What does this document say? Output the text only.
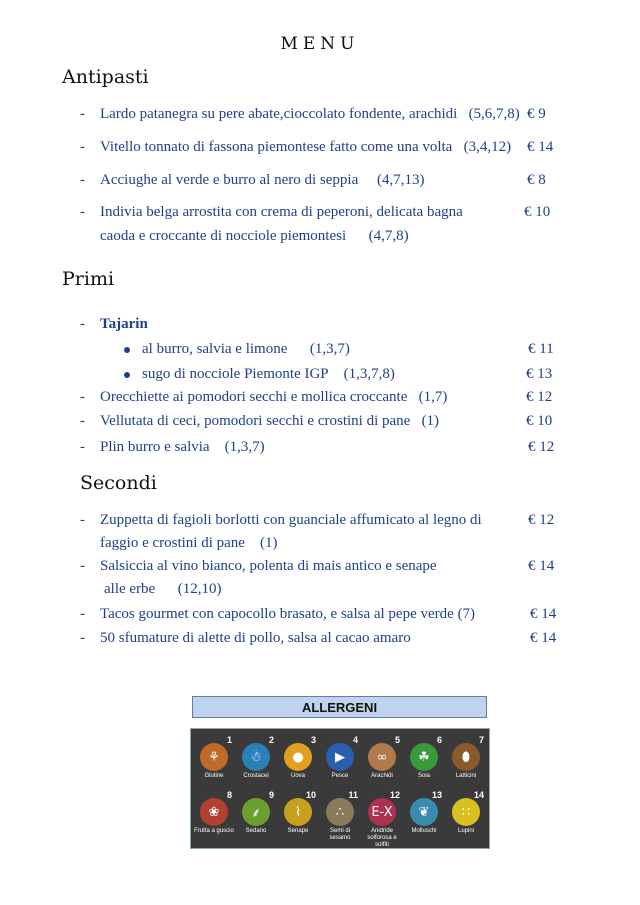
MENU
Antipasti
- Lardo patanegra su pere abate,cioccolato fondente, arachidi (5,6,7,8) € 9
- Vitello tonnato di fassona piemontese fatto come una volta (3,4,12) € 14
- Acciughe al verde e burro al nero di seppia (4,7,13)	€ 8
- Indivia belga arrostita con crema di peperoni, delicata bagna
caoda e croccante di nocciole piemontesi (4,7,8)
€ 10
Primi
- Tajarin
al burro, salvia e limone (1,3,7)	€ 11
sugo di nocciole Piemonte IGP (1,3,7,8)	€ 13
- Orecchiette ai pomodori secchi e mollica croccante (1,7)	€ 12
- Vellutata di ceci, pomodori secchi e crostini di pane (1)	€ 10
- Plin burro e salvia (1,3,7)	€ 12
Secondi
- Zuppetta di fagioli borlotti con guanciale affumicato al legno di
faggio e crostini di pane (1)
€ 12
- Salsiccia al vino bianco, polenta di mais antico e senape
alle erbe (12,10)
€ 14
- Tacos gourmet con capocollo brasato, e salsa al pepe verde (7)	€ 14
- 50 sfumature di alette di pollo, salsa al cacao amaro	€ 14
ALLERGENI
⚘
1
Glutine
☃
2
Crostacei
●
3
Uova
▶
4
Pesce
∞
5
Arachidi
☘
6
Soia
⬮
7
Latticini
❀
8
Frutta a guscio
⸙
9
Sedano
⌇
10
Senape
∴
11
Semi di sesamo
E-X
12
Anidride solforosa e solfiti
❦
13
Molluschi
∷
14
Lupini
